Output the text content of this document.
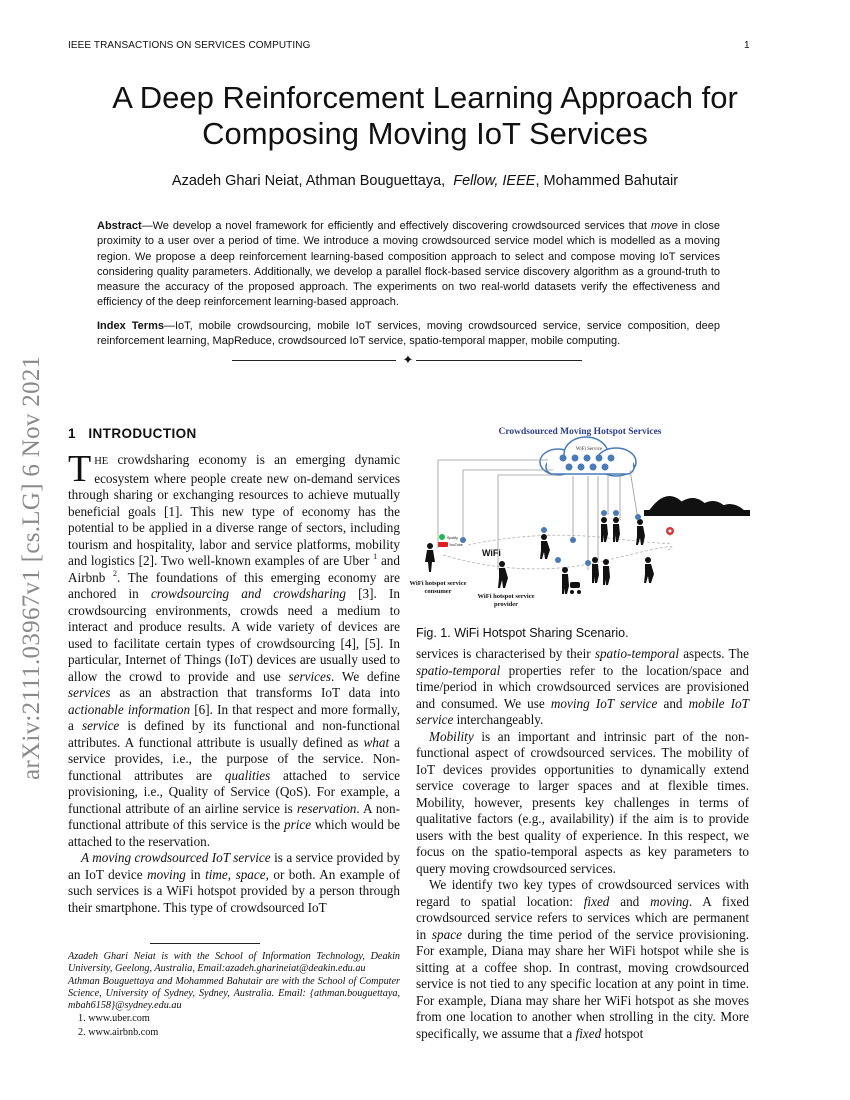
IEEE TRANSACTIONS ON SERVICES COMPUTING	1
arXiv:2111.03967v1 [cs.LG] 6 Nov 2021
A Deep Reinforcement Learning Approach for
Composing Moving IoT Services
Azadeh Ghari Neiat, Athman Bouguettaya, Fellow, IEEE, Mohammed Bahutair
Abstract—We develop a novel framework for efficiently and effectively discovering crowdsourced services that move in close proximity to a user over a period of time. We introduce a moving crowdsourced service model which is modelled as a moving region. We propose a deep reinforcement learning-based composition approach to select and compose moving IoT services considering quality parameters. Additionally, we develop a parallel flock-based service discovery algorithm as a ground-truth to measure the accuracy of the proposed approach. The experiments on two real-world datasets verify the effectiveness and efficiency of the deep reinforcement learning-based approach.
Index Terms—IoT, mobile crowdsourcing, mobile IoT services, moving crowdsourced service, service composition, deep reinforcement learning, MapReduce, crowdsourced IoT service, spatio-temporal mapper, mobile computing.
✦
1 INTRODUCTION

THE crowdsharing economy is an emerging dynamic ecosystem where people create new on-demand services through sharing or exchanging resources to achieve mutually beneficial goals [1]. This new type of economy has the potential to be applied in a diverse range of sectors, including tourism and hospitality, labor and service platforms, mobility and logistics [2]. Two well-known examples of are Uber $^1$ and Airbnb $^2$. The foundations of this emerging economy are anchored in crowdsourcing and crowdsharing [3]. In crowdsourcing environments, crowds need a medium to interact and produce results. A wide variety of devices are used to facilitate certain types of crowdsourcing [4], [5]. In particular, Internet of Things (IoT) devices are usually used to allow the crowd to provide and use services. We define services as an abstraction that transforms IoT data into actionable information [6]. In that respect and more formally, a service is defined by its functional and non-functional attributes. A functional attribute is usually defined as what a service provides, i.e., the purpose of the service. Non-functional attributes are qualities attached to service provisioning, i.e., Quality of Service (QoS). For example, a functional attribute of an airline service is reservation. A non-functional attribute of this service is the price which would be attached to the reservation.

A moving crowdsourced IoT service is a service provided by an IoT device moving in time, space, or both. An example of such services is a WiFi hotspot provided by a person through their smartphone. This type of crowdsourced IoT

Crowdsourced Moving Hotspot Services
WiFi Service
Spotify
YouTube
WiFi
WiFi hotspot service
consumer
WiFi hotspot service
provider
Fig. 1. WiFi Hotspot Sharing Scenario.

services is characterised by their spatio-temporal aspects. The spatio-temporal properties refer to the location/space and time/period in which crowdsourced services are provisioned and consumed. We use moving IoT service and mobile IoT service interchangeably.

Mobility is an important and intrinsic part of the non-functional aspect of crowdsourced services. The mobility of IoT devices provides opportunities to dynamically extend service coverage to larger spaces and at flexible times. Mobility, however, presents key challenges in terms of qualitative factors (e.g., availability) if the aim is to provide users with the best quality of experience. In this respect, we focus on the spatio-temporal aspects as key parameters to query moving crowdsourced services.

We identify two key types of crowdsourced services with regard to spatial location: fixed and moving. A fixed crowdsourced service refers to services which are permanent in space during the time period of the service provisioning. For example, Diana may share her WiFi hotspot while she is sitting at a coffee shop. In contrast, moving crowdsourced service is not tied to any specific location at any point in time. For example, Diana may share her WiFi hotspot as she moves from one location to another when strolling in the city. More specifically, we assume that a fixed hotspot

Azadeh Ghari Neiat is with the School of Information Technology, Deakin University, Geelong, Australia, Email:azadeh.gharineiat@deakin.edu.au
Athman Bouguettaya and Mohammed Bahutair are with the School of Computer Science, University of Sydney, Sydney, Australia. Email: {athman.bouguettaya, mbah6158}@sydney.edu.au
1. www.uber.com
2. www.airbnb.com
